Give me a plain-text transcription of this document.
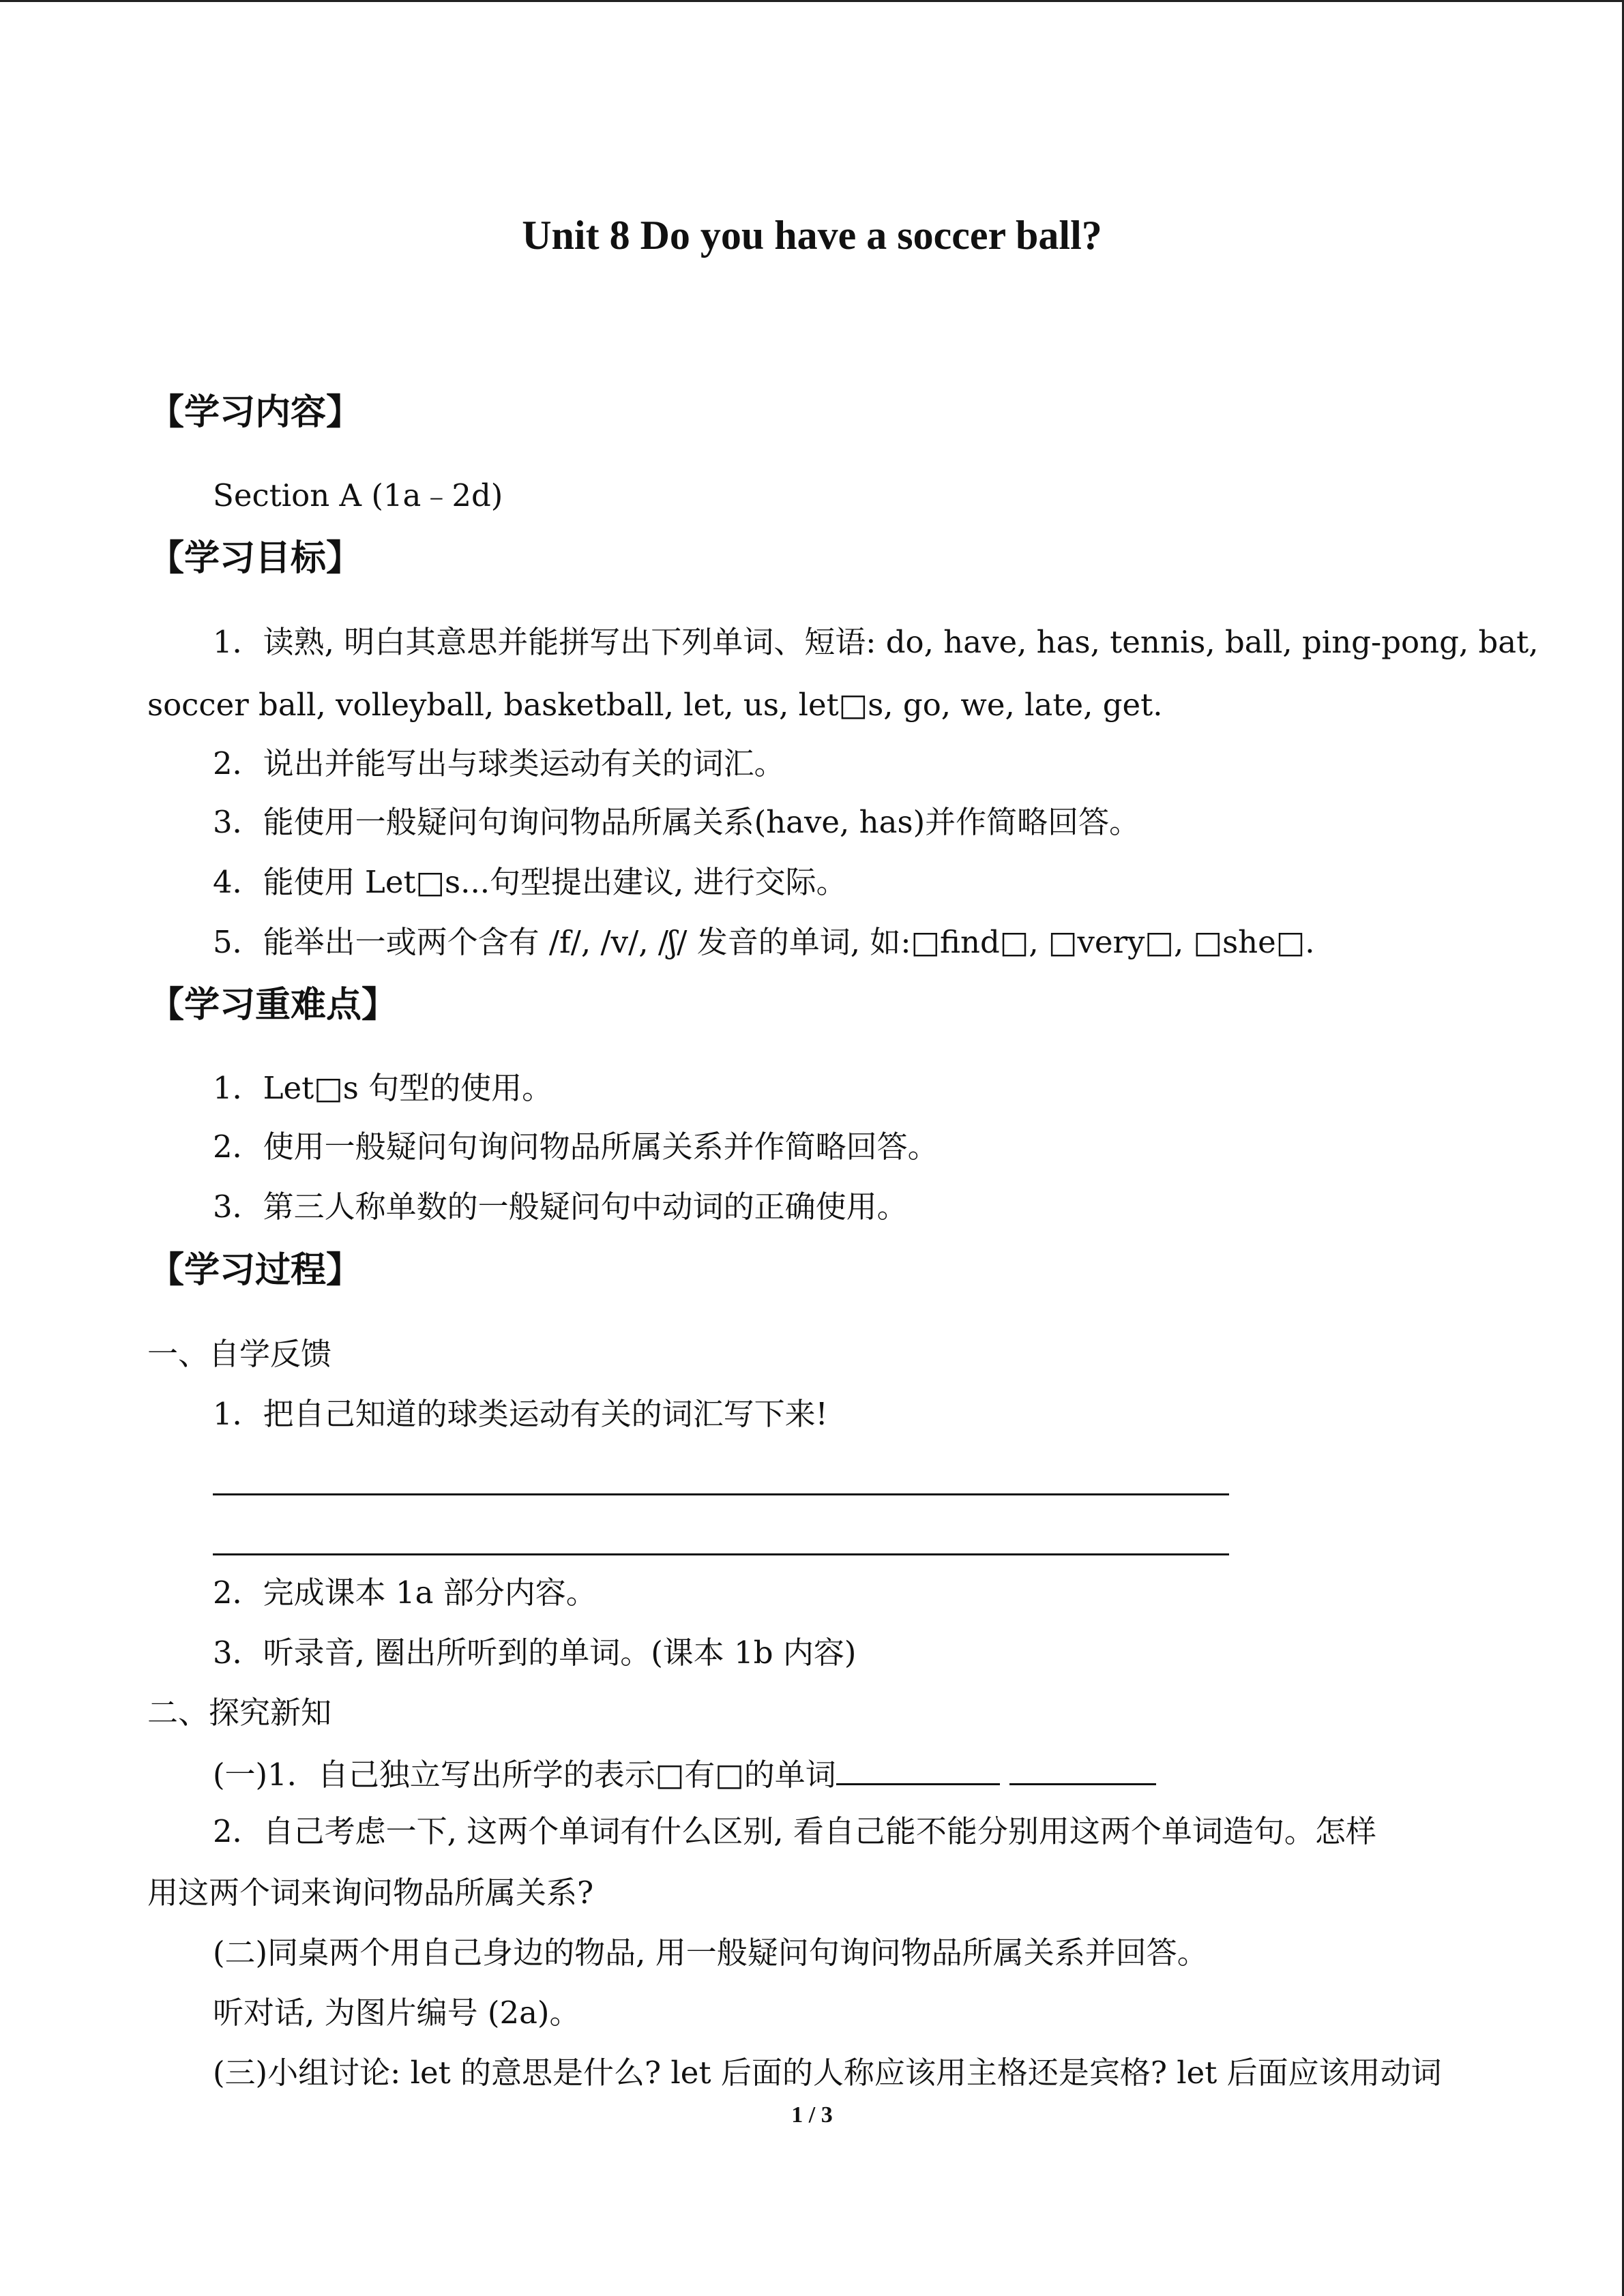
Unit 8 Do you have a soccer ball?
【学习内容】
Section A (1a﹣2d)
【学习目标】
1．读熟, 明白其意思并能拼写出下列单词、短语: do, have, has, tennis, ball, ping-pong, bat,
soccer ball, volleyball, basketball, let, us, let□s, go, we, late, get.
2．说出并能写出与球类运动有关的词汇。
3．能使用一般疑问句询问物品所属关系(have, has)并作简略回答。
4．能使用 Let□s...句型提出建议, 进行交际。
5．能举出一或两个含有 /f/, /v/, /ʃ/ 发音的单词, 如:□find□, □very□, □she□.
【学习重难点】
1．Let□s 句型的使用。
2．使用一般疑问句询问物品所属关系并作简略回答。
3．第三人称单数的一般疑问句中动词的正确使用。
【学习过程】
一、自学反馈
1．把自己知道的球类运动有关的词汇写下来!
2．完成课本 1a 部分内容。
3．听录音, 圈出所听到的单词。(课本 1b 内容)
二、探究新知
(一)1．自己独立写出所学的表示□有□的单词
2．自己考虑一下, 这两个单词有什么区别, 看自己能不能分别用这两个单词造句。怎样
用这两个词来询问物品所属关系?
(二)同桌两个用自己身边的物品, 用一般疑问句询问物品所属关系并回答。
听对话, 为图片编号 (2a)。
(三)小组讨论: let 的意思是什么? let 后面的人称应该用主格还是宾格? let 后面应该用动词
1 / 3
